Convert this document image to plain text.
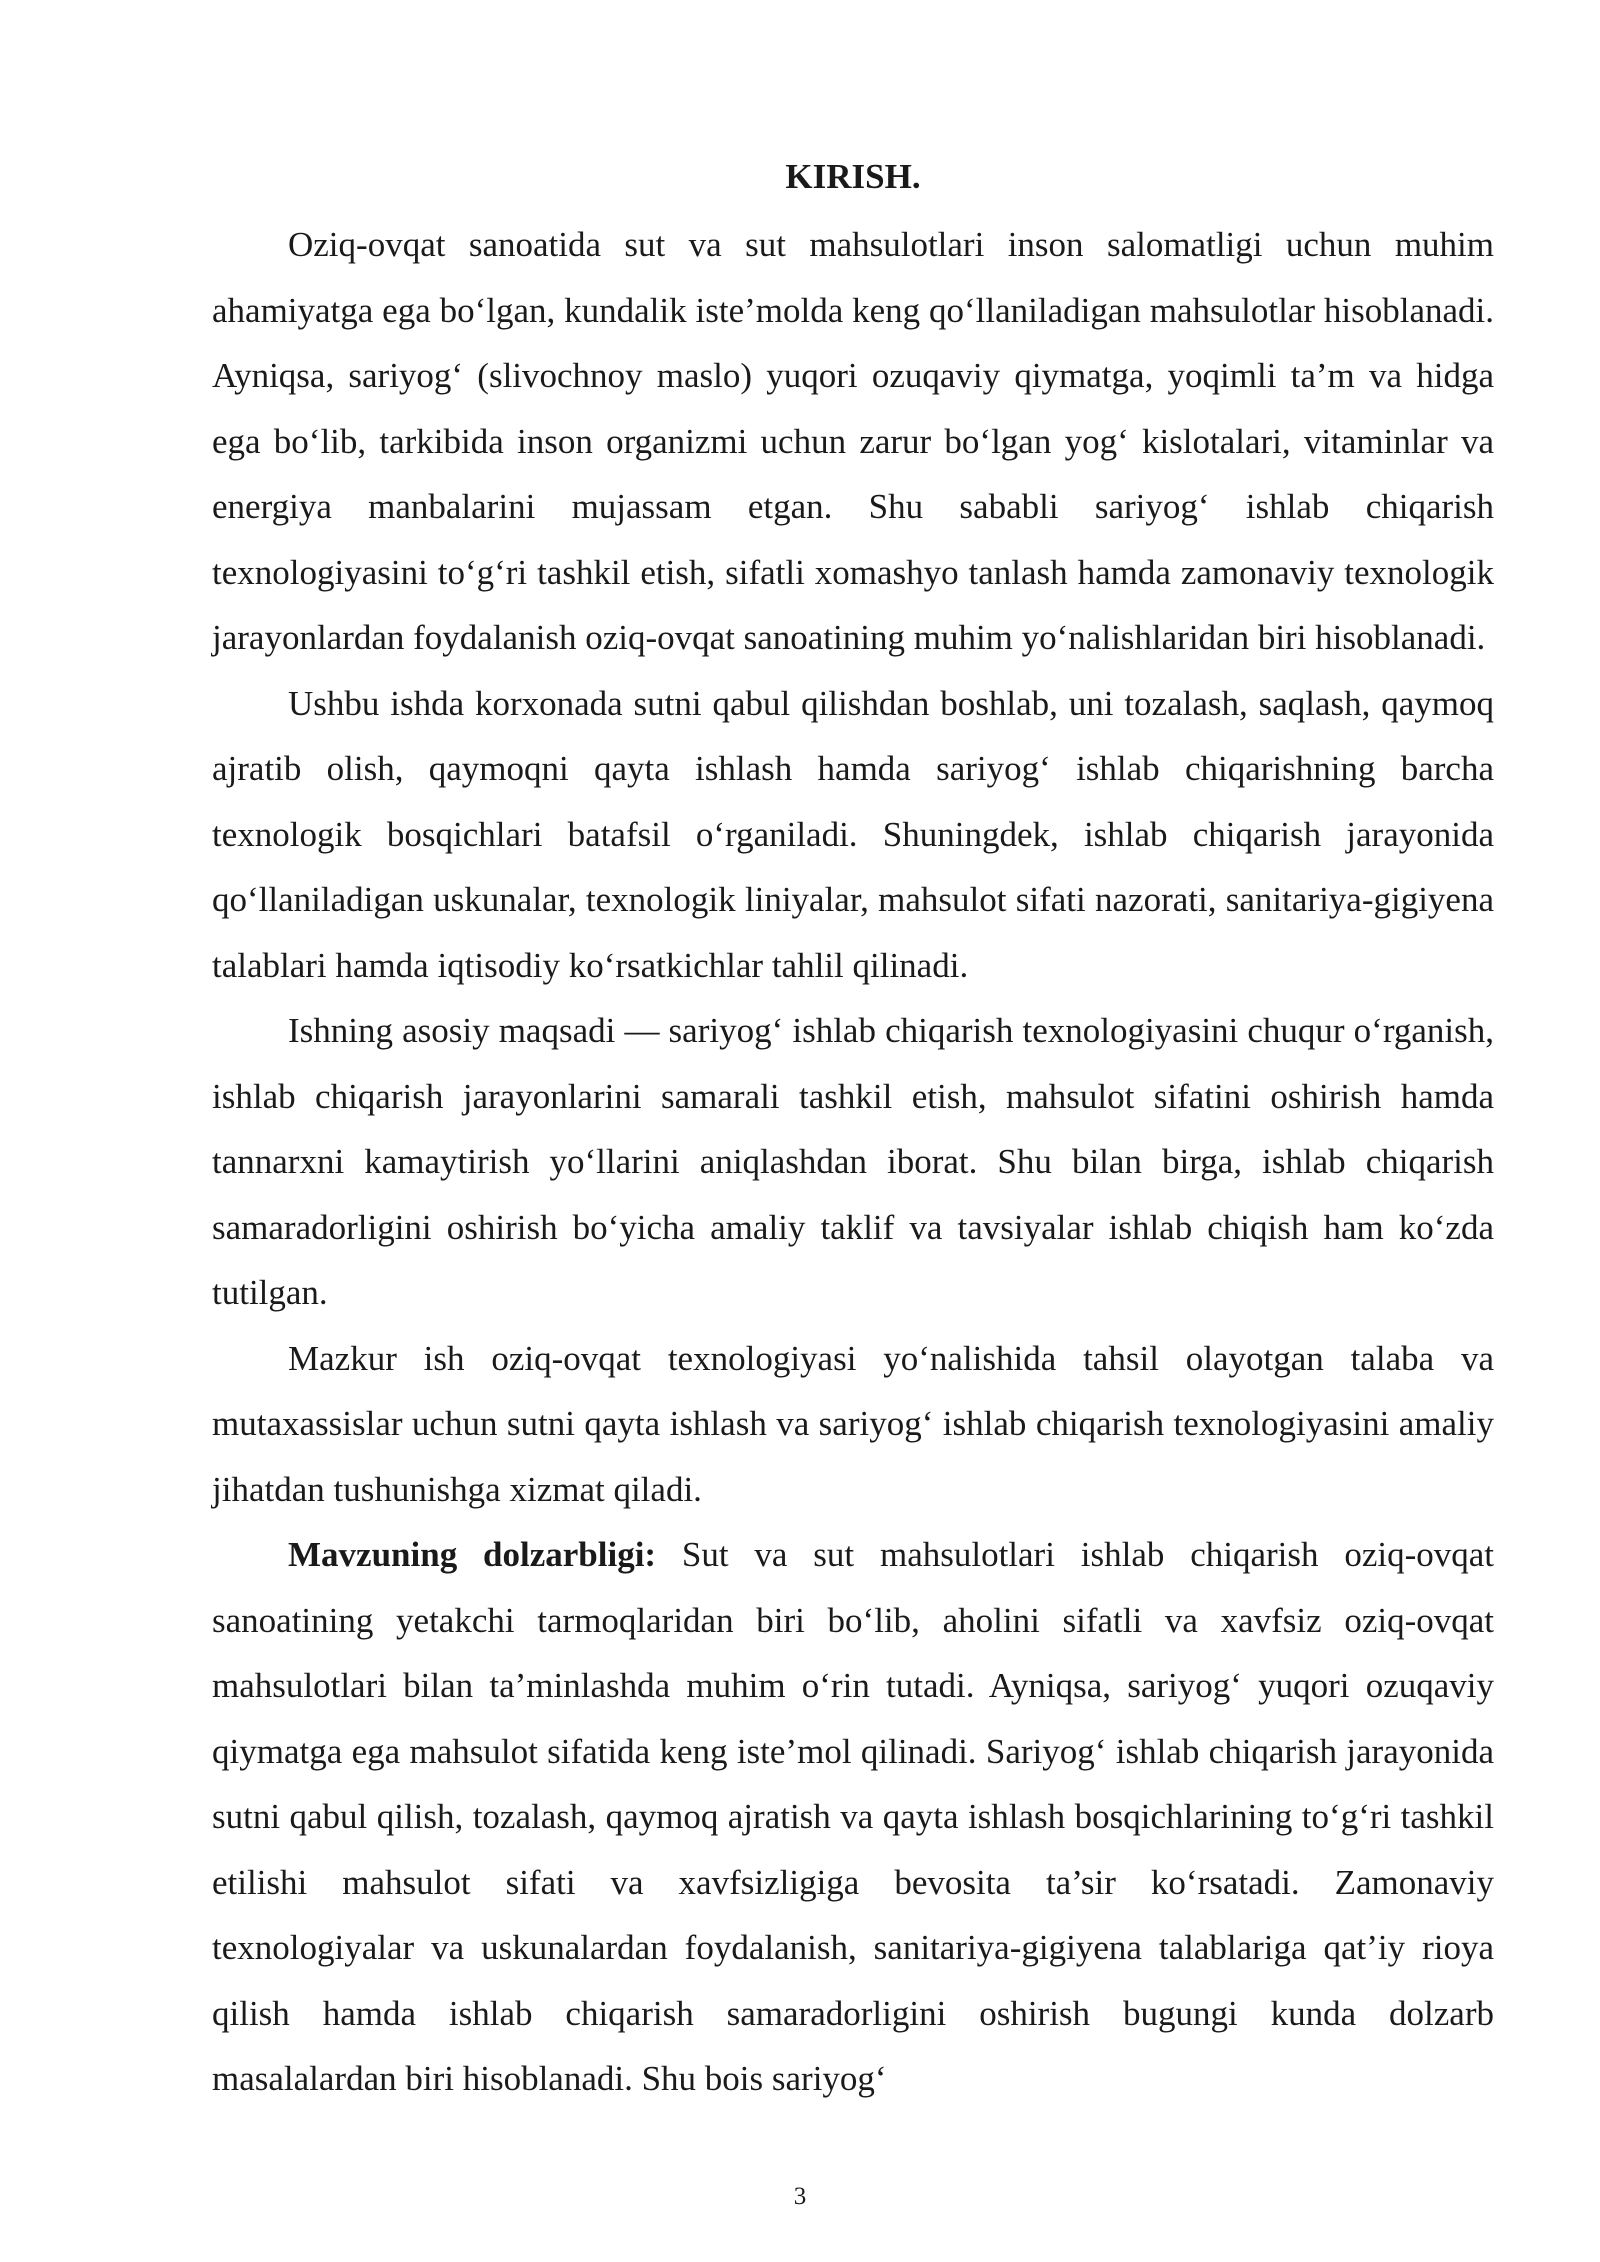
KIRISH.

Oziq-ovqat sanoatida sut va sut mahsulotlari inson salomatligi uchun muhim ahamiyatga ega bo‘lgan, kundalik iste’molda keng qo‘llaniladigan mahsulotlar hisoblanadi. Ayniqsa, sariyog‘ (slivochnoy maslo) yuqori ozuqaviy qiymatga, yoqimli ta’m va hidga ega bo‘lib, tarkibida inson organizmi uchun zarur bo‘lgan yog‘ kislotalari, vitaminlar va energiya manbalarini mujassam etgan. Shu sababli sariyog‘ ishlab chiqarish texnologiyasini to‘g‘ri tashkil etish, sifatli xomashyo tanlash hamda zamonaviy texnologik jarayonlardan foydalanish oziq-ovqat sanoatining muhim yo‘nalishlaridan biri hisoblanadi.

Ushbu ishda korxonada sutni qabul qilishdan boshlab, uni tozalash, saqlash, qaymoq ajratib olish, qaymoqni qayta ishlash hamda sariyog‘ ishlab chiqarishning barcha texnologik bosqichlari batafsil o‘rganiladi. Shuningdek, ishlab chiqarish jarayonida qo‘llaniladigan uskunalar, texnologik liniyalar, mahsulot sifati nazorati, sanitariya-gigiyena talablari hamda iqtisodiy ko‘rsatkichlar tahlil qilinadi.

Ishning asosiy maqsadi — sariyog‘ ishlab chiqarish texnologiyasini chuqur o‘rganish, ishlab chiqarish jarayonlarini samarali tashkil etish, mahsulot sifatini oshirish hamda tannarxni kamaytirish yo‘llarini aniqlashdan iborat. Shu bilan birga, ishlab chiqarish samaradorligini oshirish bo‘yicha amaliy taklif va tavsiyalar ishlab chiqish ham ko‘zda tutilgan.

Mazkur ish oziq-ovqat texnologiyasi yo‘nalishida tahsil olayotgan talaba va mutaxassislar uchun sutni qayta ishlash va sariyog‘ ishlab chiqarish texnologiyasini amaliy jihatdan tushunishga xizmat qiladi.

Mavzuning dolzarbligi: Sut va sut mahsulotlari ishlab chiqarish oziq-ovqat sanoatining yetakchi tarmoqlaridan biri bo‘lib, aholini sifatli va xavfsiz oziq-ovqat mahsulotlari bilan ta’minlashda muhim o‘rin tutadi. Ayniqsa, sariyog‘ yuqori ozuqaviy qiymatga ega mahsulot sifatida keng iste’mol qilinadi. Sariyog‘ ishlab chiqarish jarayonida sutni qabul qilish, tozalash, qaymoq ajratish va qayta ishlash bosqichlarining to‘g‘ri tashkil etilishi mahsulot sifati va xavfsizligiga bevosita ta’sir ko‘rsatadi. Zamonaviy texnologiyalar va uskunalardan foydalanish, sanitariya-gigiyena talablariga qat’iy rioya qilish hamda ishlab chiqarish samaradorligini oshirish bugungi kunda dolzarb masalalardan biri hisoblanadi. Shu bois sariyog‘

3
